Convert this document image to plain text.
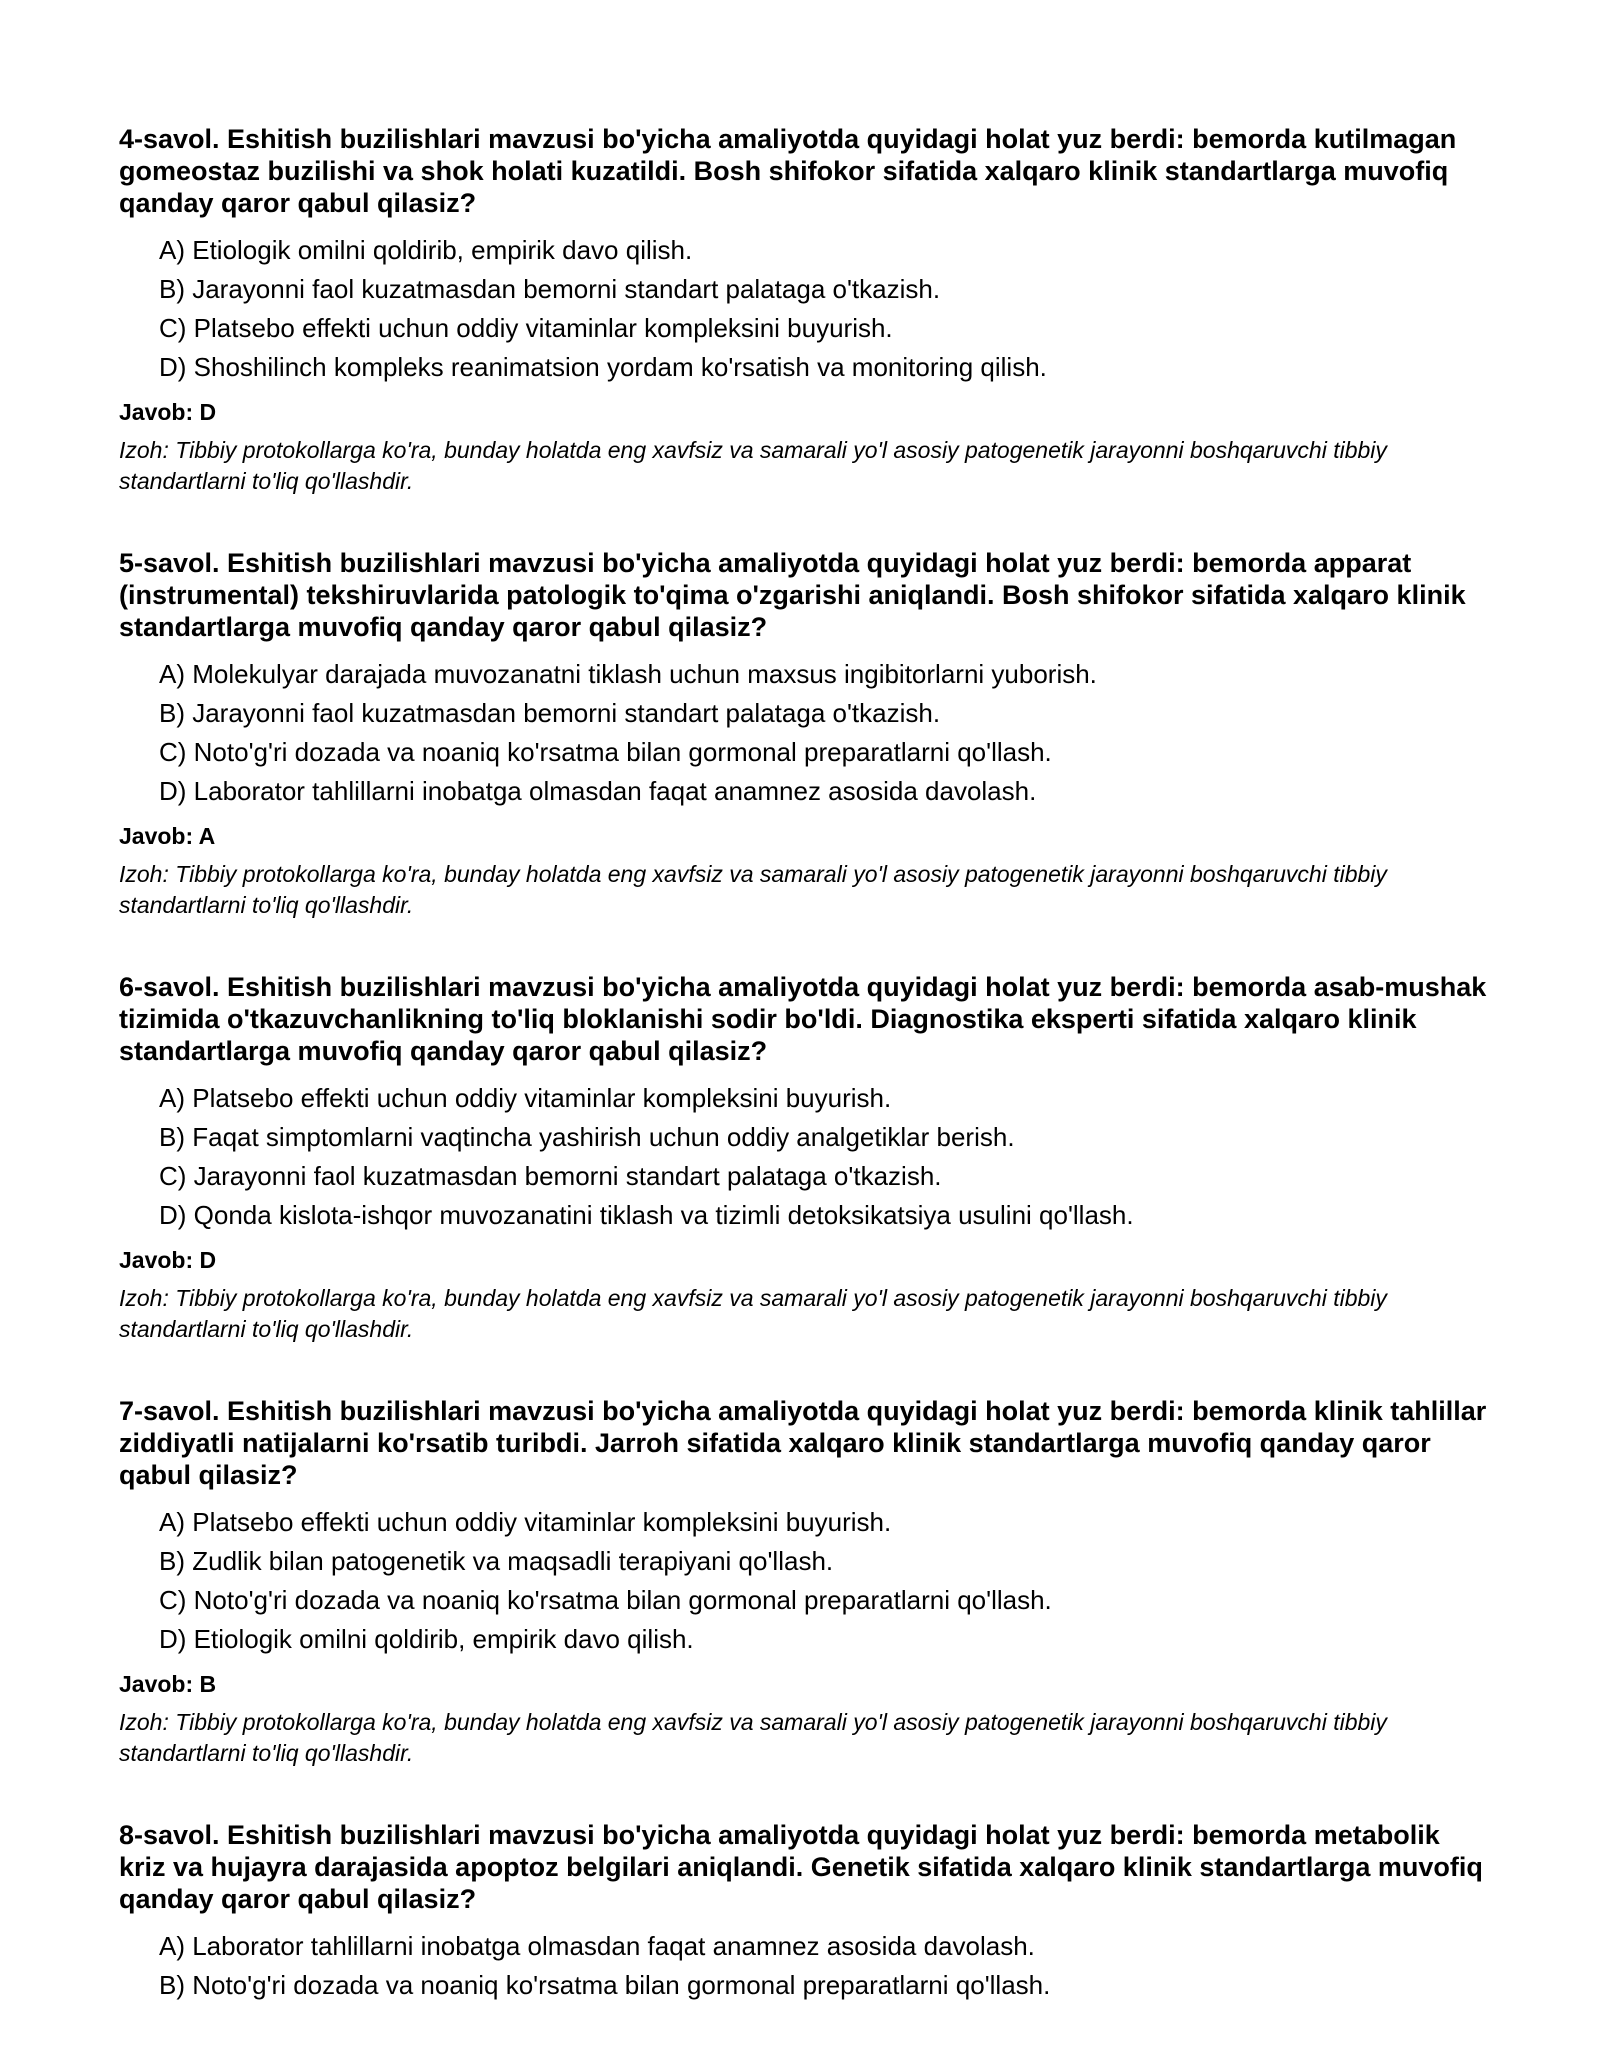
4-savol. Eshitish buzilishlari mavzusi bo'yicha amaliyotda quyidagi holat yuz berdi: bemorda kutilmagan gomeostaz buzilishi va shok holati kuzatildi. Bosh shifokor sifatida xalqaro klinik standartlarga muvofiq qanday qaror qabul qilasiz?

A) Etiologik omilni qoldirib, empirik davo qilish.
B) Jarayonni faol kuzatmasdan bemorni standart palataga o'tkazish.
C) Platsebo effekti uchun oddiy vitaminlar kompleksini buyurish.
D) Shoshilinch kompleks reanimatsion yordam ko'rsatish va monitoring qilish.

Javob: D

Izoh: Tibbiy protokollarga ko'ra, bunday holatda eng xavfsiz va samarali yo'l asosiy patogenetik jarayonni boshqaruvchi tibbiy standartlarni to'liq qo'llashdir.

5-savol. Eshitish buzilishlari mavzusi bo'yicha amaliyotda quyidagi holat yuz berdi: bemorda apparat (instrumental) tekshiruvlarida patologik to'qima o'zgarishi aniqlandi. Bosh shifokor sifatida xalqaro klinik standartlarga muvofiq qanday qaror qabul qilasiz?

A) Molekulyar darajada muvozanatni tiklash uchun maxsus ingibitorlarni yuborish.
B) Jarayonni faol kuzatmasdan bemorni standart palataga o'tkazish.
C) Noto'g'ri dozada va noaniq ko'rsatma bilan gormonal preparatlarni qo'llash.
D) Laborator tahlillarni inobatga olmasdan faqat anamnez asosida davolash.

Javob: A

Izoh: Tibbiy protokollarga ko'ra, bunday holatda eng xavfsiz va samarali yo'l asosiy patogenetik jarayonni boshqaruvchi tibbiy standartlarni to'liq qo'llashdir.

6-savol. Eshitish buzilishlari mavzusi bo'yicha amaliyotda quyidagi holat yuz berdi: bemorda asab-mushak tizimida o'tkazuvchanlikning to'liq bloklanishi sodir bo'ldi. Diagnostika eksperti sifatida xalqaro klinik standartlarga muvofiq qanday qaror qabul qilasiz?

A) Platsebo effekti uchun oddiy vitaminlar kompleksini buyurish.
B) Faqat simptomlarni vaqtincha yashirish uchun oddiy analgetiklar berish.
C) Jarayonni faol kuzatmasdan bemorni standart palataga o'tkazish.
D) Qonda kislota-ishqor muvozanatini tiklash va tizimli detoksikatsiya usulini qo'llash.

Javob: D

Izoh: Tibbiy protokollarga ko'ra, bunday holatda eng xavfsiz va samarali yo'l asosiy patogenetik jarayonni boshqaruvchi tibbiy standartlarni to'liq qo'llashdir.

7-savol. Eshitish buzilishlari mavzusi bo'yicha amaliyotda quyidagi holat yuz berdi: bemorda klinik tahlillar ziddiyatli natijalarni ko'rsatib turibdi. Jarroh sifatida xalqaro klinik standartlarga muvofiq qanday qaror qabul qilasiz?

A) Platsebo effekti uchun oddiy vitaminlar kompleksini buyurish.
B) Zudlik bilan patogenetik va maqsadli terapiyani qo'llash.
C) Noto'g'ri dozada va noaniq ko'rsatma bilan gormonal preparatlarni qo'llash.
D) Etiologik omilni qoldirib, empirik davo qilish.

Javob: B

Izoh: Tibbiy protokollarga ko'ra, bunday holatda eng xavfsiz va samarali yo'l asosiy patogenetik jarayonni boshqaruvchi tibbiy standartlarni to'liq qo'llashdir.

8-savol. Eshitish buzilishlari mavzusi bo'yicha amaliyotda quyidagi holat yuz berdi: bemorda metabolik kriz va hujayra darajasida apoptoz belgilari aniqlandi. Genetik sifatida xalqaro klinik standartlarga muvofiq qanday qaror qabul qilasiz?

A) Laborator tahlillarni inobatga olmasdan faqat anamnez asosida davolash.
B) Noto'g'ri dozada va noaniq ko'rsatma bilan gormonal preparatlarni qo'llash.
